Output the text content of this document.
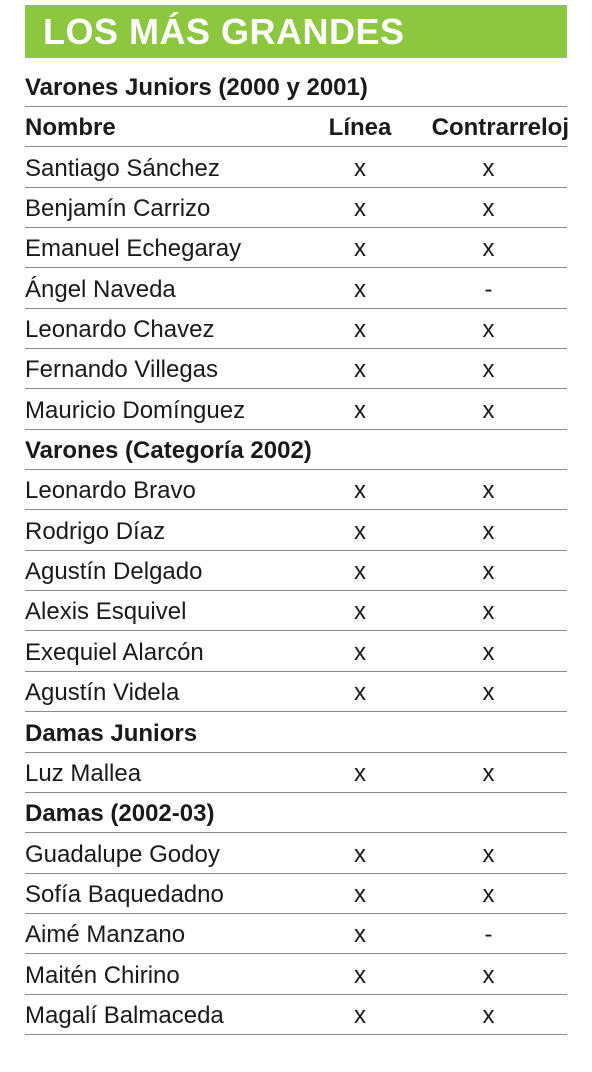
LOS MÁS GRANDES
Varones Juniors (2000 y 2001)
Nombre	Línea	Contrarreloj
Santiago Sánchez	x	x
Benjamín Carrizo	x	x
Emanuel Echegaray	x	x
Ángel Naveda	x	-
Leonardo Chavez	x	x
Fernando Villegas	x	x
Mauricio Domínguez	x	x
Varones (Categoría 2002)
Leonardo Bravo	x	x
Rodrigo Díaz	x	x
Agustín Delgado	x	x
Alexis Esquivel	x	x
Exequiel Alarcón	x	x
Agustín Videla	x	x
Damas Juniors
Luz Mallea	x	x
Damas (2002-03)
Guadalupe Godoy	x	x
Sofía Baquedadno	x	x
Aimé Manzano	x	-
Maitén Chirino	x	x
Magalí Balmaceda	x	x
